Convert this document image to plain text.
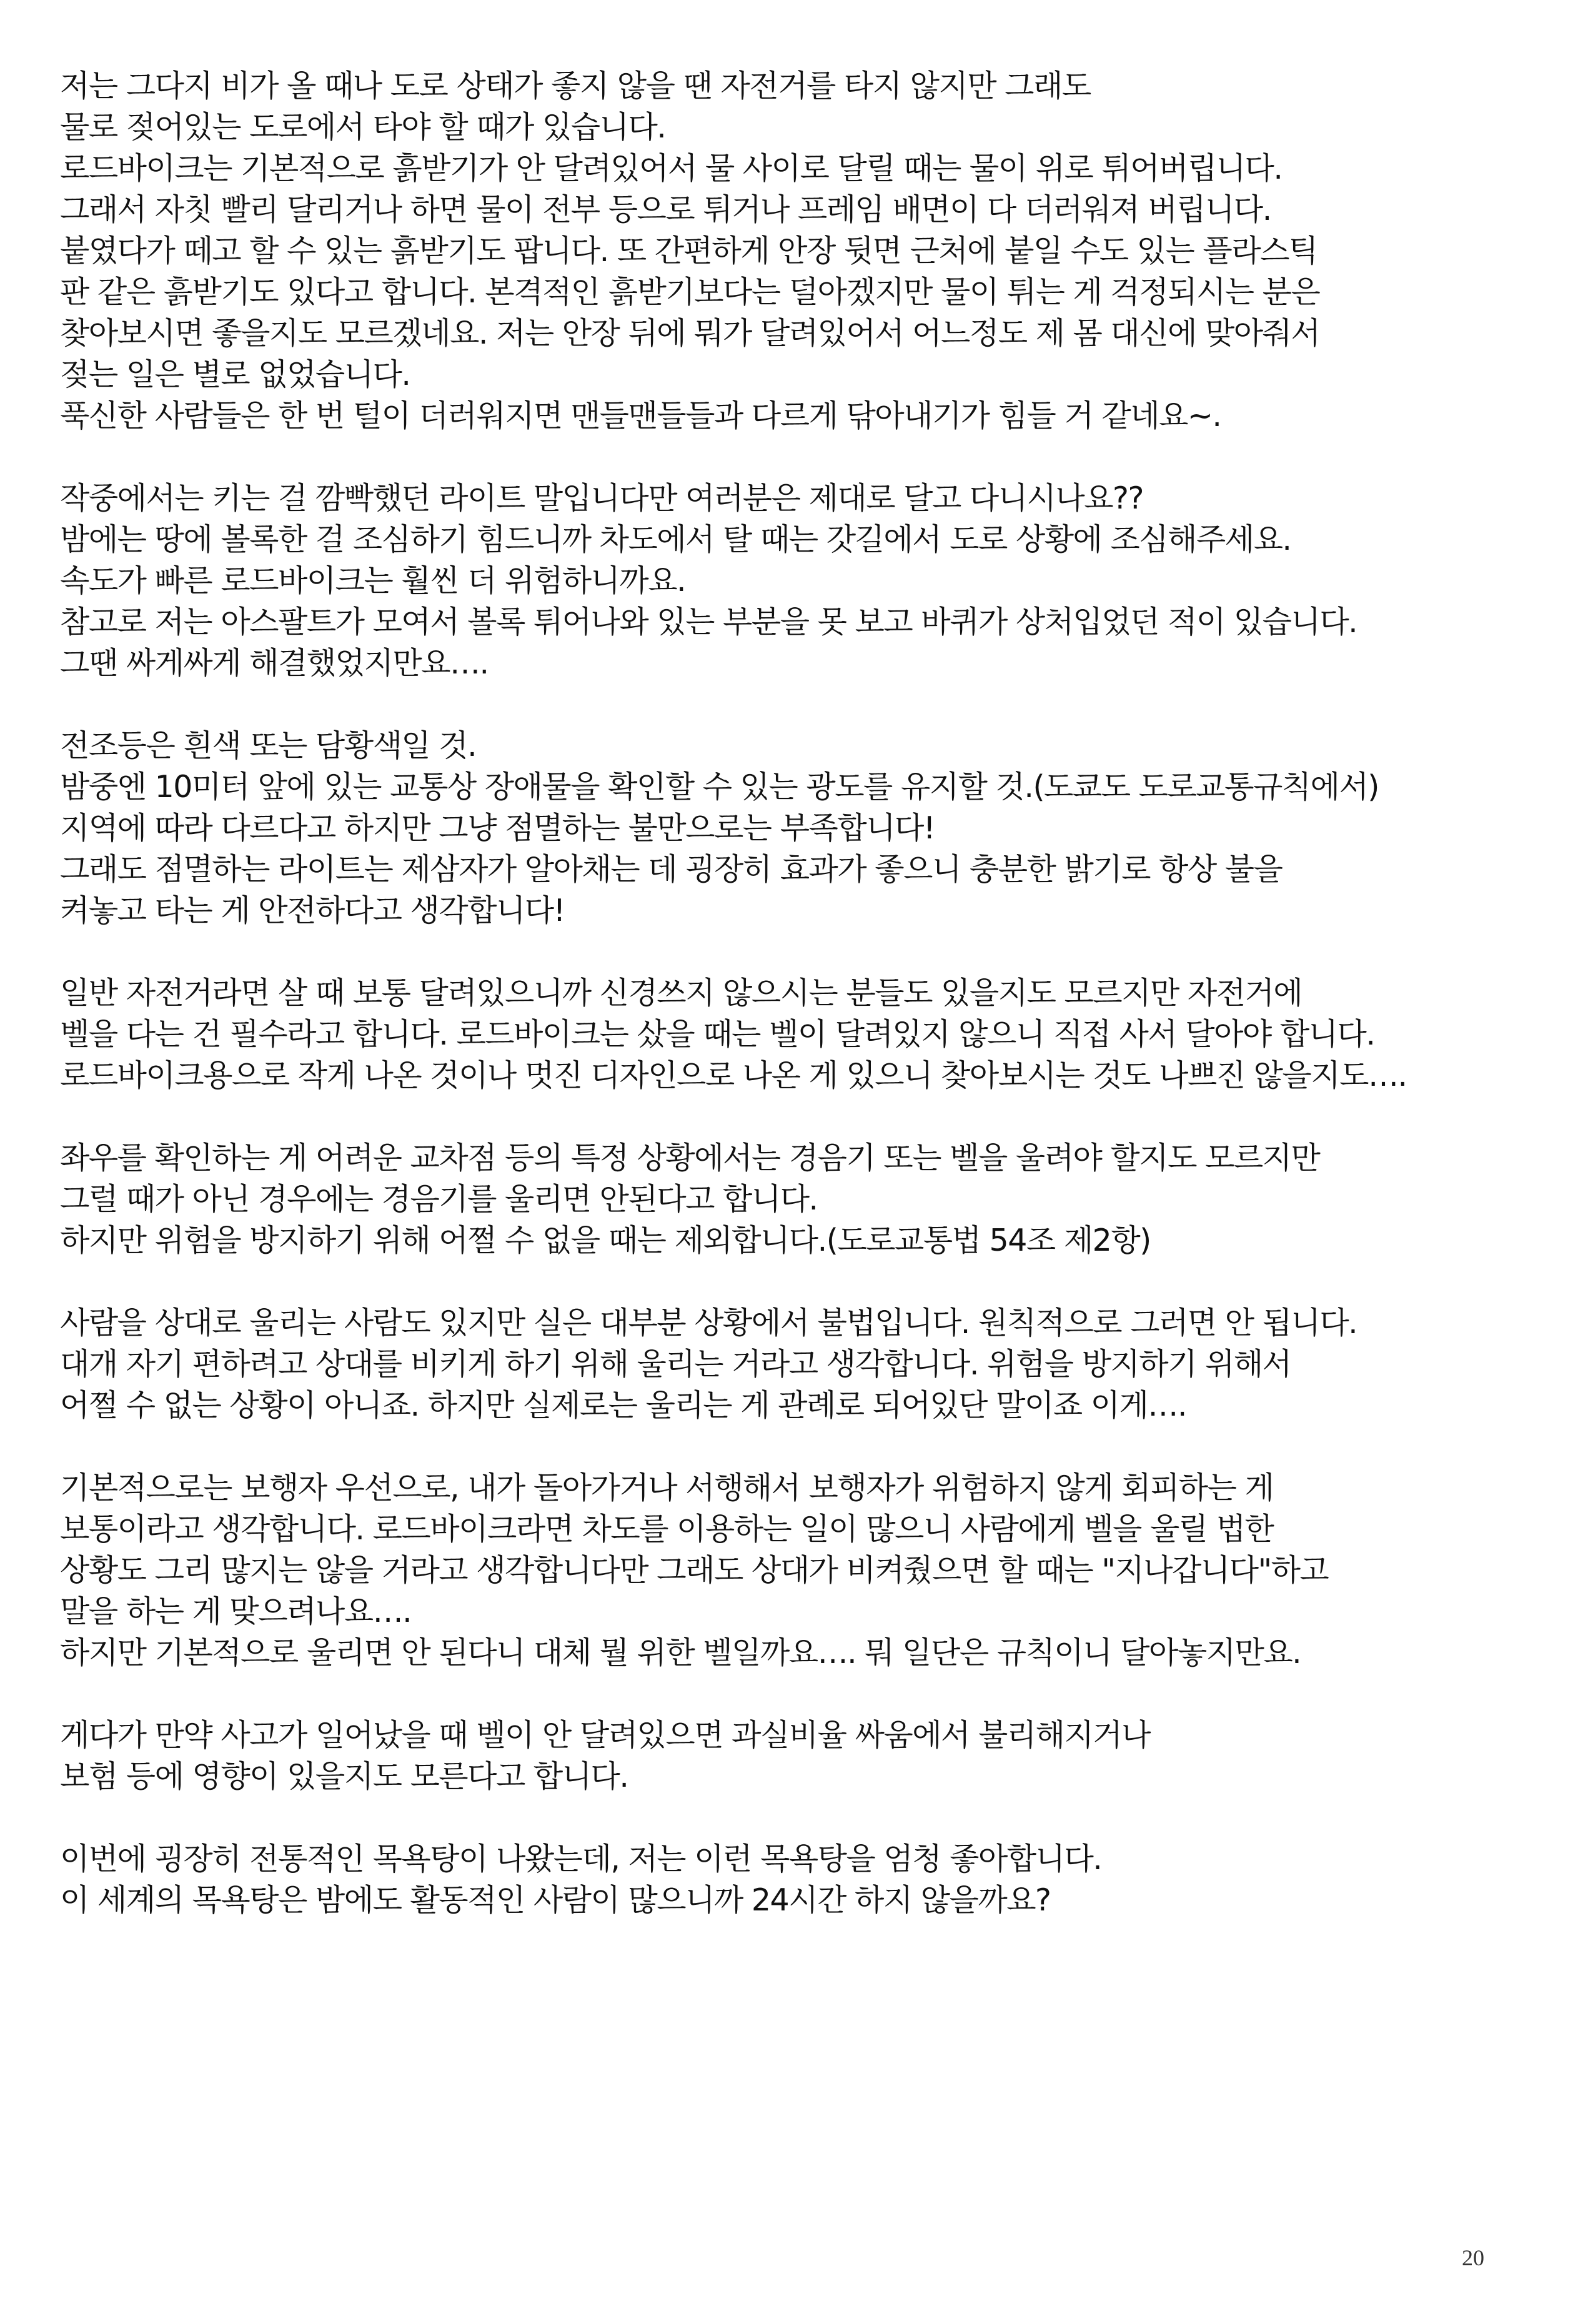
저는 그다지 비가 올 때나 도로 상태가 좋지 않을 땐 자전거를 타지 않지만 그래도
물로 젖어있는 도로에서 타야 할 때가 있습니다.
로드바이크는 기본적으로 흙받기가 안 달려있어서 물 사이로 달릴 때는 물이 위로 튀어버립니다.
그래서 자칫 빨리 달리거나 하면 물이 전부 등으로 튀거나 프레임 배면이 다 더러워져 버립니다.
붙였다가 떼고 할 수 있는 흙받기도 팝니다. 또 간편하게 안장 뒷면 근처에 붙일 수도 있는 플라스틱
판 같은 흙받기도 있다고 합니다. 본격적인 흙받기보다는 덜아겠지만 물이 튀는 게 걱정되시는 분은
찾아보시면 좋을지도 모르겠네요. 저는 안장 뒤에 뭐가 달려있어서 어느정도 제 몸 대신에 맞아줘서
젖는 일은 별로 없었습니다.
푹신한 사람들은 한 번 털이 더러워지면 맨들맨들들과 다르게 닦아내기가 힘들 거 같네요~.
작중에서는 키는 걸 깜빡했던 라이트 말입니다만 여러분은 제대로 달고 다니시나요??
밤에는 땅에 볼록한 걸 조심하기 힘드니까 차도에서 탈 때는 갓길에서 도로 상황에 조심해주세요.
속도가 빠른 로드바이크는 훨씬 더 위험하니까요.
참고로 저는 아스팔트가 모여서 볼록 튀어나와 있는 부분을 못 보고 바퀴가 상처입었던 적이 있습니다.
그땐 싸게싸게 해결했었지만요….
전조등은 흰색 또는 담황색일 것.
밤중엔 10미터 앞에 있는 교통상 장애물을 확인할 수 있는 광도를 유지할 것.(도쿄도 도로교통규칙에서)
지역에 따라 다르다고 하지만 그냥 점멸하는 불만으로는 부족합니다!
그래도 점멸하는 라이트는 제삼자가 알아채는 데 굉장히 효과가 좋으니 충분한 밝기로 항상 불을
켜놓고 타는 게 안전하다고 생각합니다!
일반 자전거라면 살 때 보통 달려있으니까 신경쓰지 않으시는 분들도 있을지도 모르지만 자전거에
벨을 다는 건 필수라고 합니다. 로드바이크는 샀을 때는 벨이 달려있지 않으니 직접 사서 달아야 합니다.
로드바이크용으로 작게 나온 것이나 멋진 디자인으로 나온 게 있으니 찾아보시는 것도 나쁘진 않을지도….
좌우를 확인하는 게 어려운 교차점 등의 특정 상황에서는 경음기 또는 벨을 울려야 할지도 모르지만
그럴 때가 아닌 경우에는 경음기를 울리면 안된다고 합니다.
하지만 위험을 방지하기 위해 어쩔 수 없을 때는 제외합니다.(도로교통법 54조 제2항)
사람을 상대로 울리는 사람도 있지만 실은 대부분 상황에서 불법입니다. 원칙적으로 그러면 안 됩니다.
대개 자기 편하려고 상대를 비키게 하기 위해 울리는 거라고 생각합니다. 위험을 방지하기 위해서
어쩔 수 없는 상황이 아니죠. 하지만 실제로는 울리는 게 관례로 되어있단 말이죠 이게….
기본적으로는 보행자 우선으로, 내가 돌아가거나 서행해서 보행자가 위험하지 않게 회피하는 게
보통이라고 생각합니다. 로드바이크라면 차도를 이용하는 일이 많으니 사람에게 벨을 울릴 법한
상황도 그리 많지는 않을 거라고 생각합니다만 그래도 상대가 비켜줬으면 할 때는 "지나갑니다"하고
말을 하는 게 맞으려나요….
하지만 기본적으로 울리면 안 된다니 대체 뭘 위한 벨일까요…. 뭐 일단은 규칙이니 달아놓지만요.
게다가 만약 사고가 일어났을 때 벨이 안 달려있으면 과실비율 싸움에서 불리해지거나
보험 등에 영향이 있을지도 모른다고 합니다.
이번에 굉장히 전통적인 목욕탕이 나왔는데, 저는 이런 목욕탕을 엄청 좋아합니다.
이 세계의 목욕탕은 밤에도 활동적인 사람이 많으니까 24시간 하지 않을까요?
20
